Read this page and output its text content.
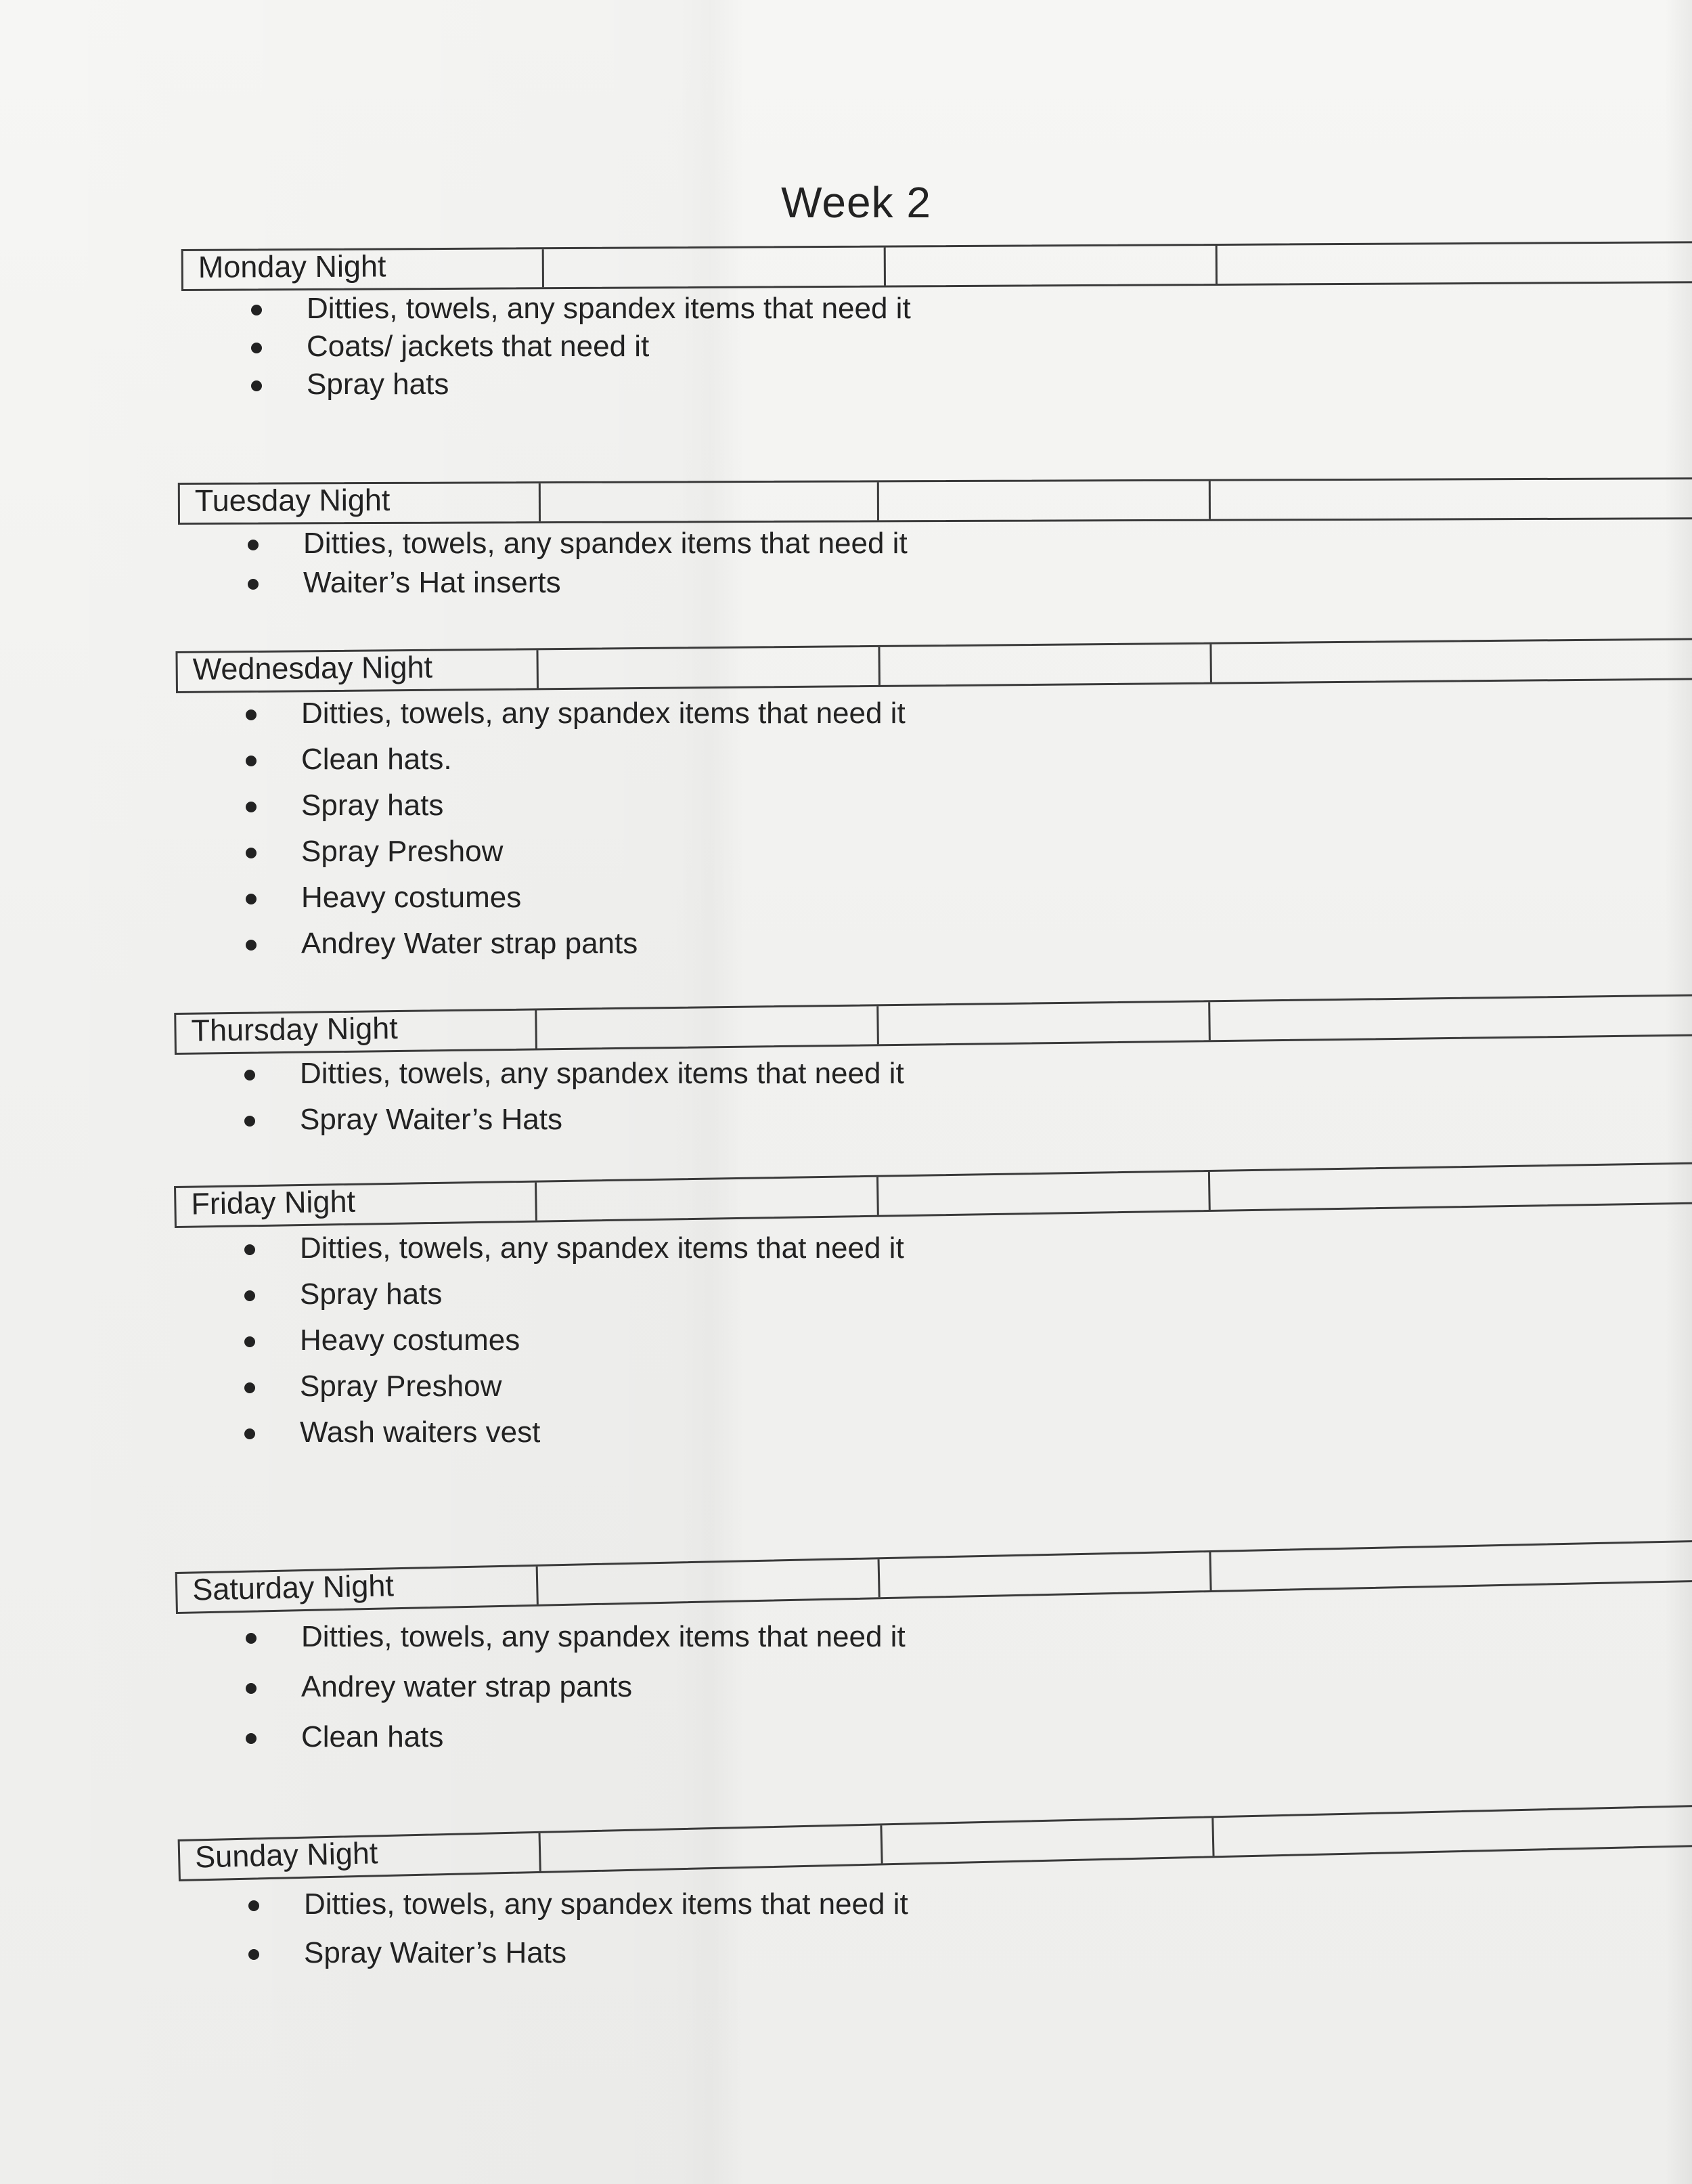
Week 2
Monday Night
Ditties, towels, any spandex items that need it
Coats/ jackets that need it
Spray hats
Tuesday Night
Ditties, towels, any spandex items that need it
Waiter’s Hat inserts
Wednesday Night
Ditties, towels, any spandex items that need it
Clean hats.
Spray hats
Spray Preshow
Heavy costumes
Andrey Water strap pants
Thursday Night
Ditties, towels, any spandex items that need it
Spray Waiter’s Hats
Friday Night
Ditties, towels, any spandex items that need it
Spray hats
Heavy costumes
Spray Preshow
Wash waiters vest
Saturday Night
Ditties, towels, any spandex items that need it
Andrey water strap pants
Clean hats
Sunday Night
Ditties, towels, any spandex items that need it
Spray Waiter’s Hats
